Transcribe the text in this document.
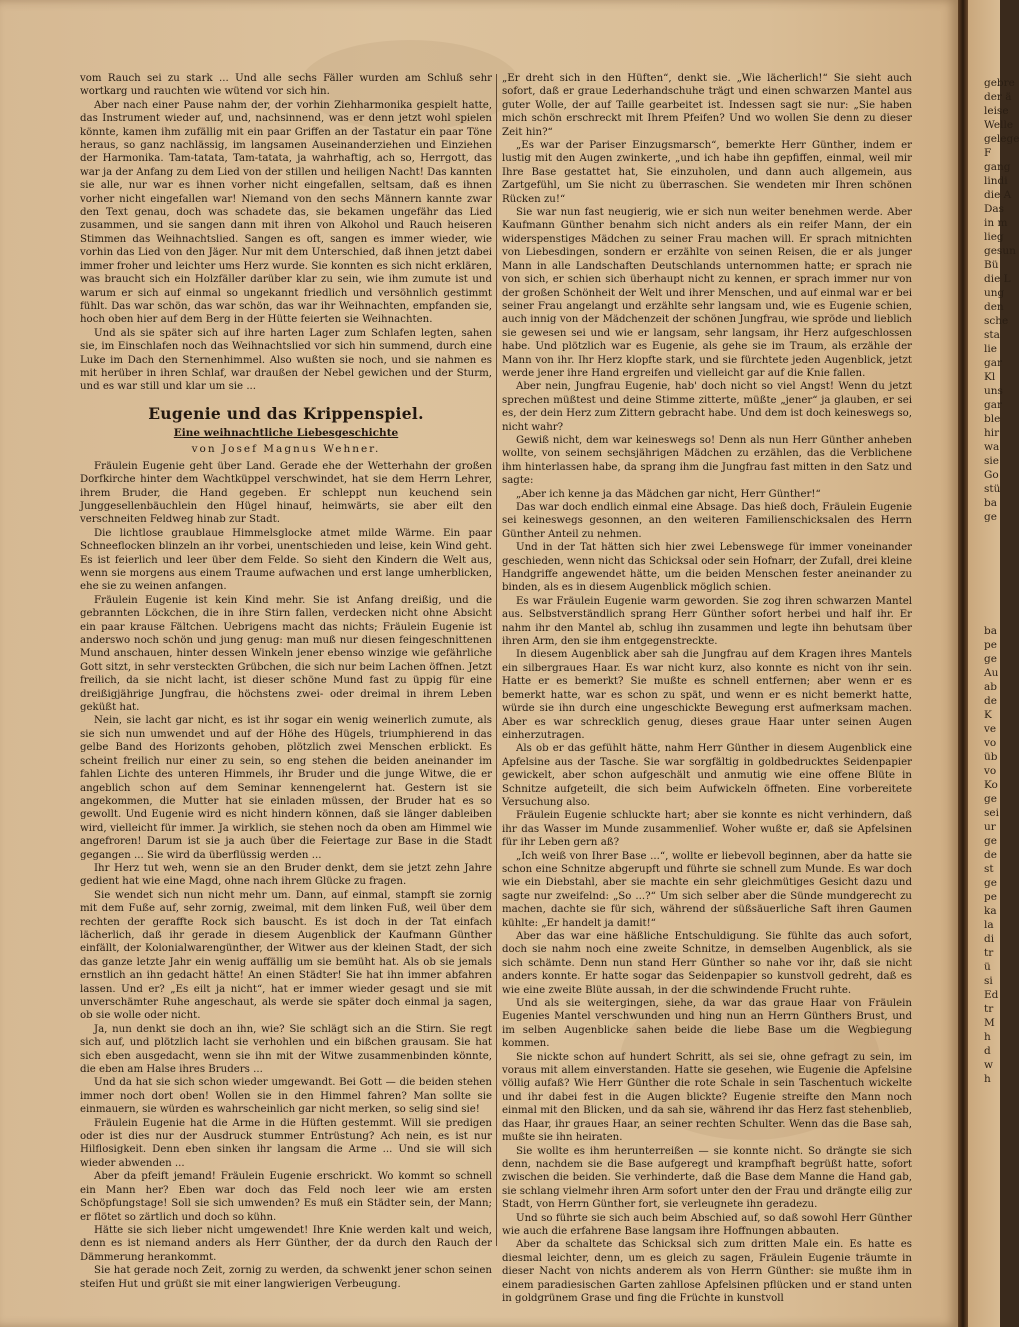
vom Rauch sei zu stark ... Und alle sechs Fäller wurden am Schluß sehr wortkarg und rauchten wie wütend vor sich hin.

Aber nach einer Pause nahm der, der vorhin Ziehharmonika gespielt hatte, das Instrument wieder auf, und, nachsinnend, was er denn jetzt wohl spielen könnte, kamen ihm zufällig mit ein paar Griffen an der Tastatur ein paar Töne heraus, so ganz nachlässig, im langsamen Auseinanderziehen und Einziehen der Harmonika. Tam-tatata, Tam-tatata, ja wahrhaftig, ach so, Herrgott, das war ja der Anfang zu dem Lied von der stillen und heiligen Nacht! Das kannten sie alle, nur war es ihnen vorher nicht eingefallen, seltsam, daß es ihnen vorher nicht eingefallen war! Niemand von den sechs Männern kannte zwar den Text genau, doch was schadete das, sie bekamen ungefähr das Lied zusammen, und sie sangen dann mit ihren von Alkohol und Rauch heiseren Stimmen das Weihnachtslied. Sangen es oft, sangen es immer wieder, wie vorhin das Lied von den Jäger. Nur mit dem Unterschied, daß ihnen jetzt dabei immer froher und leichter ums Herz wurde. Sie konnten es sich nicht erklären, was braucht sich ein Holzfäller darüber klar zu sein, wie ihm zumute ist und warum er sich auf einmal so ungekannt friedlich und versöhnlich gestimmt fühlt. Das war schön, das war schön, das war ihr Weihnachten, empfanden sie, hoch oben hier auf dem Berg in der Hütte feierten sie Weihnachten.

Und als sie später sich auf ihre harten Lager zum Schlafen legten, sahen sie, im Einschlafen noch das Weihnachtslied vor sich hin summend, durch eine Luke im Dach den Sternenhimmel. Also wußten sie noch, und sie nahmen es mit herüber in ihren Schlaf, war draußen der Nebel gewichen und der Sturm, und es war still und klar um sie ...

Eugenie und das Krippenspiel.
Eine weihnachtliche Liebesgeschichte
von Josef Magnus Wehner.

Fräulein Eugenie geht über Land. Gerade ehe der Wetterhahn der großen Dorfkirche hinter dem Wachtküppel verschwindet, hat sie dem Herrn Lehrer, ihrem Bruder, die Hand gegeben. Er schleppt nun keuchend sein Junggesellenbäuchlein den Hügel hinauf, heimwärts, sie aber eilt den verschneiten Feldweg hinab zur Stadt.

Die lichtlose graublaue Himmelsglocke atmet milde Wärme. Ein paar Schneeflocken blinzeln an ihr vorbei, unentschieden und leise, kein Wind geht. Es ist feierlich und leer über dem Felde. So sieht den Kindern die Welt aus, wenn sie morgens aus einem Traume aufwachen und erst lange umherblicken, ehe sie zu weinen anfangen.

Fräulein Eugenie ist kein Kind mehr. Sie ist Anfang dreißig, und die gebrannten Löckchen, die in ihre Stirn fallen, verdecken nicht ohne Absicht ein paar krause Fältchen. Uebrigens macht das nichts; Fräulein Eugenie ist anderswo noch schön und jung genug: man muß nur diesen feingeschnittenen Mund anschauen, hinter dessen Winkeln jener ebenso winzige wie gefährliche Gott sitzt, in sehr versteckten Grübchen, die sich nur beim Lachen öffnen. Jetzt freilich, da sie nicht lacht, ist dieser schöne Mund fast zu üppig für eine dreißigjährige Jungfrau, die höchstens zwei- oder dreimal in ihrem Leben geküßt hat.

Nein, sie lacht gar nicht, es ist ihr sogar ein wenig weinerlich zumute, als sie sich nun umwendet und auf der Höhe des Hügels, triumphierend in das gelbe Band des Horizonts gehoben, plötzlich zwei Menschen erblickt. Es scheint freilich nur einer zu sein, so eng stehen die beiden aneinander im fahlen Lichte des unteren Himmels, ihr Bruder und die junge Witwe, die er angeblich schon auf dem Seminar kennengelernt hat. Gestern ist sie angekommen, die Mutter hat sie einladen müssen, der Bruder hat es so gewollt. Und Eugenie wird es nicht hindern können, daß sie länger dableiben wird, vielleicht für immer. Ja wirklich, sie stehen noch da oben am Himmel wie angefroren! Darum ist sie ja auch über die Feiertage zur Base in die Stadt gegangen ... Sie wird da überflüssig werden ...

Ihr Herz tut weh, wenn sie an den Bruder denkt, dem sie jetzt zehn Jahre gedient hat wie eine Magd, ohne nach ihrem Glücke zu fragen.

Sie wendet sich nun nicht mehr um. Dann, auf einmal, stampft sie zornig mit dem Fuße auf, sehr zornig, zweimal, mit dem linken Fuß, weil über dem rechten der geraffte Rock sich bauscht. Es ist doch in der Tat einfach lächerlich, daß ihr gerade in diesem Augenblick der Kaufmann Günther einfällt, der Kolonialwarengünther, der Witwer aus der kleinen Stadt, der sich das ganze letzte Jahr ein wenig auffällig um sie bemüht hat. Als ob sie jemals ernstlich an ihn gedacht hätte! An einen Städter! Sie hat ihn immer abfahren lassen. Und er? „Es eilt ja nicht“, hat er immer wieder gesagt und sie mit unverschämter Ruhe angeschaut, als werde sie später doch einmal ja sagen, ob sie wolle oder nicht.

Ja, nun denkt sie doch an ihn, wie? Sie schlägt sich an die Stirn. Sie regt sich auf, und plötzlich lacht sie verhohlen und ein bißchen grausam. Sie hat sich eben ausgedacht, wenn sie ihn mit der Witwe zusammenbinden könnte, die eben am Halse ihres Bruders ...

Und da hat sie sich schon wieder umgewandt. Bei Gott — die beiden stehen immer noch dort oben! Wollen sie in den Himmel fahren? Man sollte sie einmauern, sie würden es wahrscheinlich gar nicht merken, so selig sind sie!

Fräulein Eugenie hat die Arme in die Hüften gestemmt. Will sie predigen oder ist dies nur der Ausdruck stummer Entrüstung? Ach nein, es ist nur Hilflosigkeit. Denn eben sinken ihr langsam die Arme ... Und sie will sich wieder abwenden ...

Aber da pfeift jemand! Fräulein Eugenie erschrickt. Wo kommt so schnell ein Mann her? Eben war doch das Feld noch leer wie am ersten Schöpfungstage! Soll sie sich umwenden? Es muß ein Städter sein, der Mann; er flötet so zärtlich und doch so kühn.

Hätte sie sich lieber nicht umgewendet! Ihre Knie werden kalt und weich, denn es ist niemand anders als Herr Günther, der da durch den Rauch der Dämmerung herankommt.

Sie hat gerade noch Zeit, zornig zu werden, da schwenkt jener schon seinen steifen Hut und grüßt sie mit einer langwierigen Verbeugung.

„Er dreht sich in den Hüften“, denkt sie. „Wie lächerlich!“ Sie sieht auch sofort, daß er graue Lederhandschuhe trägt und einen schwarzen Mantel aus guter Wolle, der auf Taille gearbeitet ist. Indessen sagt sie nur: „Sie haben mich schön erschreckt mit Ihrem Pfeifen? Und wo wollen Sie denn zu dieser Zeit hin?“

„Es war der Pariser Einzugsmarsch“, bemerkte Herr Günther, indem er lustig mit den Augen zwinkerte, „und ich habe ihn gepfiffen, einmal, weil mir Ihre Base gestattet hat, Sie einzuholen, und dann auch allgemein, aus Zartgefühl, um Sie nicht zu überraschen. Sie wendeten mir Ihren schönen Rücken zu!“

Sie war nun fast neugierig, wie er sich nun weiter benehmen werde. Aber Kaufmann Günther benahm sich nicht anders als ein reifer Mann, der ein widerspenstiges Mädchen zu seiner Frau machen will. Er sprach mitnichten von Liebesdingen, sondern er erzählte von seinen Reisen, die er als junger Mann in alle Landschaften Deutschlands unternommen hatte; er sprach nie von sich, er schien sich überhaupt nicht zu kennen, er sprach immer nur von der großen Schönheit der Welt und ihrer Menschen, und auf einmal war er bei seiner Frau angelangt und erzählte sehr langsam und, wie es Eugenie schien, auch innig von der Mädchenzeit der schönen Jungfrau, wie spröde und lieblich sie gewesen sei und wie er langsam, sehr langsam, ihr Herz aufgeschlossen habe. Und plötzlich war es Eugenie, als gehe sie im Traum, als erzähle der Mann von ihr. Ihr Herz klopfte stark, und sie fürchtete jeden Augenblick, jetzt werde jener ihre Hand ergreifen und vielleicht gar auf die Knie fallen.

Aber nein, Jungfrau Eugenie, hab' doch nicht so viel Angst! Wenn du jetzt sprechen müßtest und deine Stimme zitterte, müßte „jener“ ja glauben, er sei es, der dein Herz zum Zittern gebracht habe. Und dem ist doch keineswegs so, nicht wahr?

Gewiß nicht, dem war keineswegs so! Denn als nun Herr Günther anheben wollte, von seinem sechsjährigen Mädchen zu erzählen, das die Verblichene ihm hinterlassen habe, da sprang ihm die Jungfrau fast mitten in den Satz und sagte:

„Aber ich kenne ja das Mädchen gar nicht, Herr Günther!“

Das war doch endlich einmal eine Absage. Das hieß doch, Fräulein Eugenie sei keineswegs gesonnen, an den weiteren Familienschicksalen des Herrn Günther Anteil zu nehmen.

Und in der Tat hätten sich hier zwei Lebenswege für immer voneinander geschieden, wenn nicht das Schicksal oder sein Hofnarr, der Zufall, drei kleine Handgriffe angewendet hätte, um die beiden Menschen fester aneinander zu binden, als es in diesem Augenblick möglich schien.

Es war Fräulein Eugenie warm geworden. Sie zog ihren schwarzen Mantel aus. Selbstverständlich sprang Herr Günther sofort herbei und half ihr. Er nahm ihr den Mantel ab, schlug ihn zusammen und legte ihn behutsam über ihren Arm, den sie ihm entgegenstreckte.

In diesem Augenblick aber sah die Jungfrau auf dem Kragen ihres Mantels ein silbergraues Haar. Es war nicht kurz, also konnte es nicht von ihr sein. Hatte er es bemerkt? Sie mußte es schnell entfernen; aber wenn er es bemerkt hatte, war es schon zu spät, und wenn er es nicht bemerkt hatte, würde sie ihn durch eine ungeschickte Bewegung erst aufmerksam machen. Aber es war schrecklich genug, dieses graue Haar unter seinen Augen einherzutragen.

Als ob er das gefühlt hätte, nahm Herr Günther in diesem Augenblick eine Apfelsine aus der Tasche. Sie war sorgfältig in goldbedrucktes Seidenpapier gewickelt, aber schon aufgeschält und anmutig wie eine offene Blüte in Schnitze aufgeteilt, die sich beim Aufwickeln öffneten. Eine vorbereitete Versuchung also.

Fräulein Eugenie schluckte hart; aber sie konnte es nicht verhindern, daß ihr das Wasser im Munde zusammenlief. Woher wußte er, daß sie Apfelsinen für ihr Leben gern aß?

„Ich weiß von Ihrer Base ...“, wollte er liebevoll beginnen, aber da hatte sie schon eine Schnitze abgerupft und führte sie schnell zum Munde. Es war doch wie ein Diebstahl, aber sie machte ein sehr gleichmütiges Gesicht dazu und sagte nur zweifelnd: „So ...?“ Um sich selber aber die Sünde mundgerecht zu machen, dachte sie für sich, während der süßsäuerliche Saft ihren Gaumen kühlte: „Er handelt ja damit!“

Aber das war eine häßliche Entschuldigung. Sie fühlte das auch sofort, doch sie nahm noch eine zweite Schnitze, in demselben Augenblick, als sie sich schämte. Denn nun stand Herr Günther so nahe vor ihr, daß sie nicht anders konnte. Er hatte sogar das Seidenpapier so kunstvoll gedreht, daß es wie eine zweite Blüte aussah, in der die schwindende Frucht ruhte.

Und als sie weitergingen, siehe, da war das graue Haar von Fräulein Eugenies Mantel verschwunden und hing nun an Herrn Günthers Brust, und im selben Augenblicke sahen beide die liebe Base um die Wegbiegung kommen.

Sie nickte schon auf hundert Schritt, als sei sie, ohne gefragt zu sein, im voraus mit allem einverstanden. Hatte sie gesehen, wie Eugenie die Apfelsine völlig aufaß? Wie Herr Günther die rote Schale in sein Taschentuch wickelte und ihr dabei fest in die Augen blickte? Eugenie streifte den Mann noch einmal mit den Blicken, und da sah sie, während ihr das Herz fast stehenblieb, das Haar, ihr graues Haar, an seiner rechten Schulter. Wenn das die Base sah, mußte sie ihn heiraten.

Sie wollte es ihm herunterreißen — sie konnte nicht. So drängte sie sich denn, nachdem sie die Base aufgeregt und krampfhaft begrüßt hatte, sofort zwischen die beiden. Sie verhinderte, daß die Base dem Manne die Hand gab, sie schlang vielmehr ihren Arm sofort unter den der Frau und drängte eilig zur Stadt, von Herrn Günther fort, sie verleugnete ihn geradezu.

Und so führte sie sich auch beim Abschied auf, so daß sowohl Herr Günther wie auch die erfahrene Base langsam ihre Hoffnungen abbauten.

Aber da schaltete das Schicksal sich zum dritten Male ein. Es hatte es diesmal leichter, denn, um es gleich zu sagen, Fräulein Eugenie träumte in dieser Nacht von nichts anderem als von Herrn Günther: sie mußte ihm in einem paradiesischen Garten zahllose Apfelsinen pflücken und er stand unten in goldgrünem Grase und fing die Früchte in kunstvoll

gebre
der ä
leise
Welle
gelege
F
gang
lindi
die A
Das
in m
lieg
gesun
Bü
die L
ung
den
sche
sta
lie
gar
Kl
uns
gar
ble
hir
wa
sie
Go
stü
ba
ge
ba
pe
ge
Au
ab
de
K
ve
vo
üb
vo
Ko
ge
sei
ur
ge
de
st
ge
pe
ka
la
di
tr
ü
si
Ed
tr
M
h
d
w
h
